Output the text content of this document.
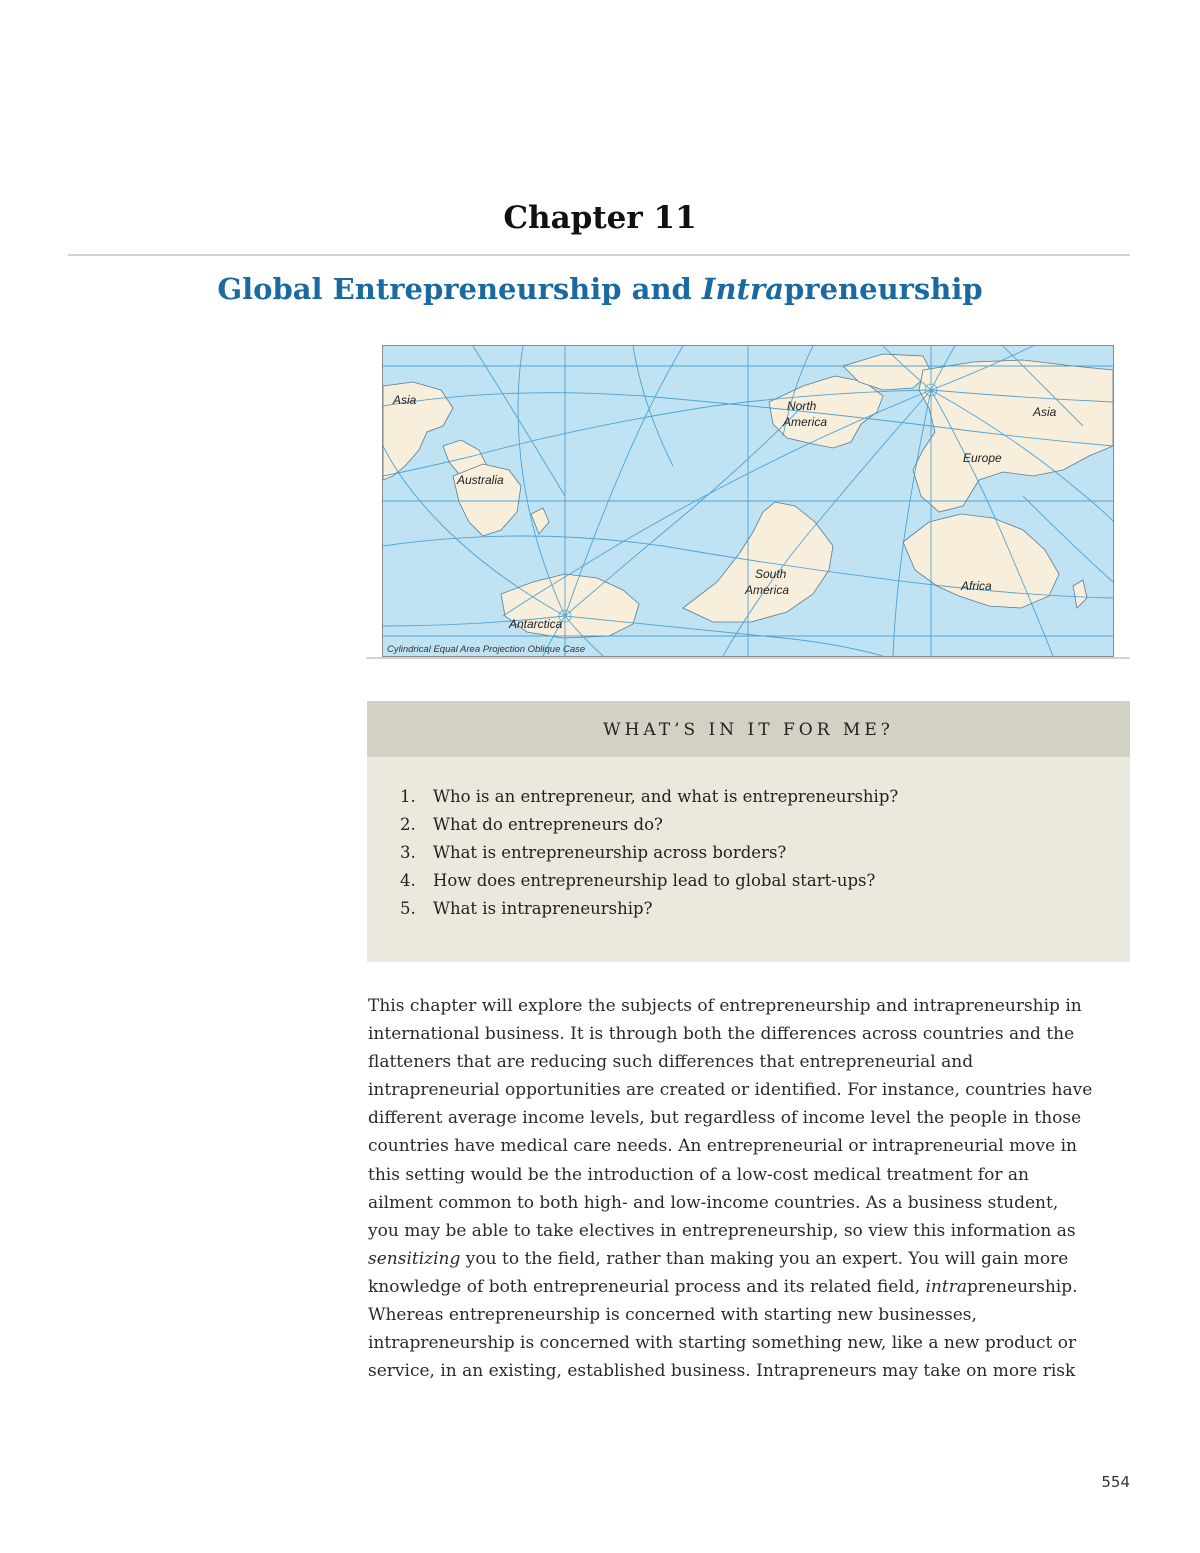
Chapter 11
Global Entrepreneurship and Intrapreneurship
Asia
Australia
Antarctica
North
America
Asia
Europe
South
America	Africa
Cylindrical Equal Area Projection Oblique Case
WHAT’S IN IT FOR ME?
1.	Who is an entrepreneur, and what is entrepreneurship?
2.	What do entrepreneurs do?
3.	What is entrepreneurship across borders?
4.	How does entrepreneurship lead to global start-ups?
5.	What is intrapreneurship?

This chapter will explore the subjects of entrepreneurship and intrapreneurship in

international business. It is through both the differences across countries and the

flatteners that are reducing such differences that entrepreneurial and

intrapreneurial opportunities are created or identified. For instance, countries have

different average income levels, but regardless of income level the people in those

countries have medical care needs. An entrepreneurial or intrapreneurial move in

this setting would be the introduction of a low-cost medical treatment for an

ailment common to both high- and low-income countries. As a business student,

you may be able to take electives in entrepreneurship, so view this information as

sensitizing you to the field, rather than making you an expert. You will gain more

knowledge of both entrepreneurial process and its related field, intrapreneurship.

Whereas entrepreneurship is concerned with starting new businesses,

intrapreneurship is concerned with starting something new, like a new product or

service, in an existing, established business. Intrapreneurs may take on more risk

554
